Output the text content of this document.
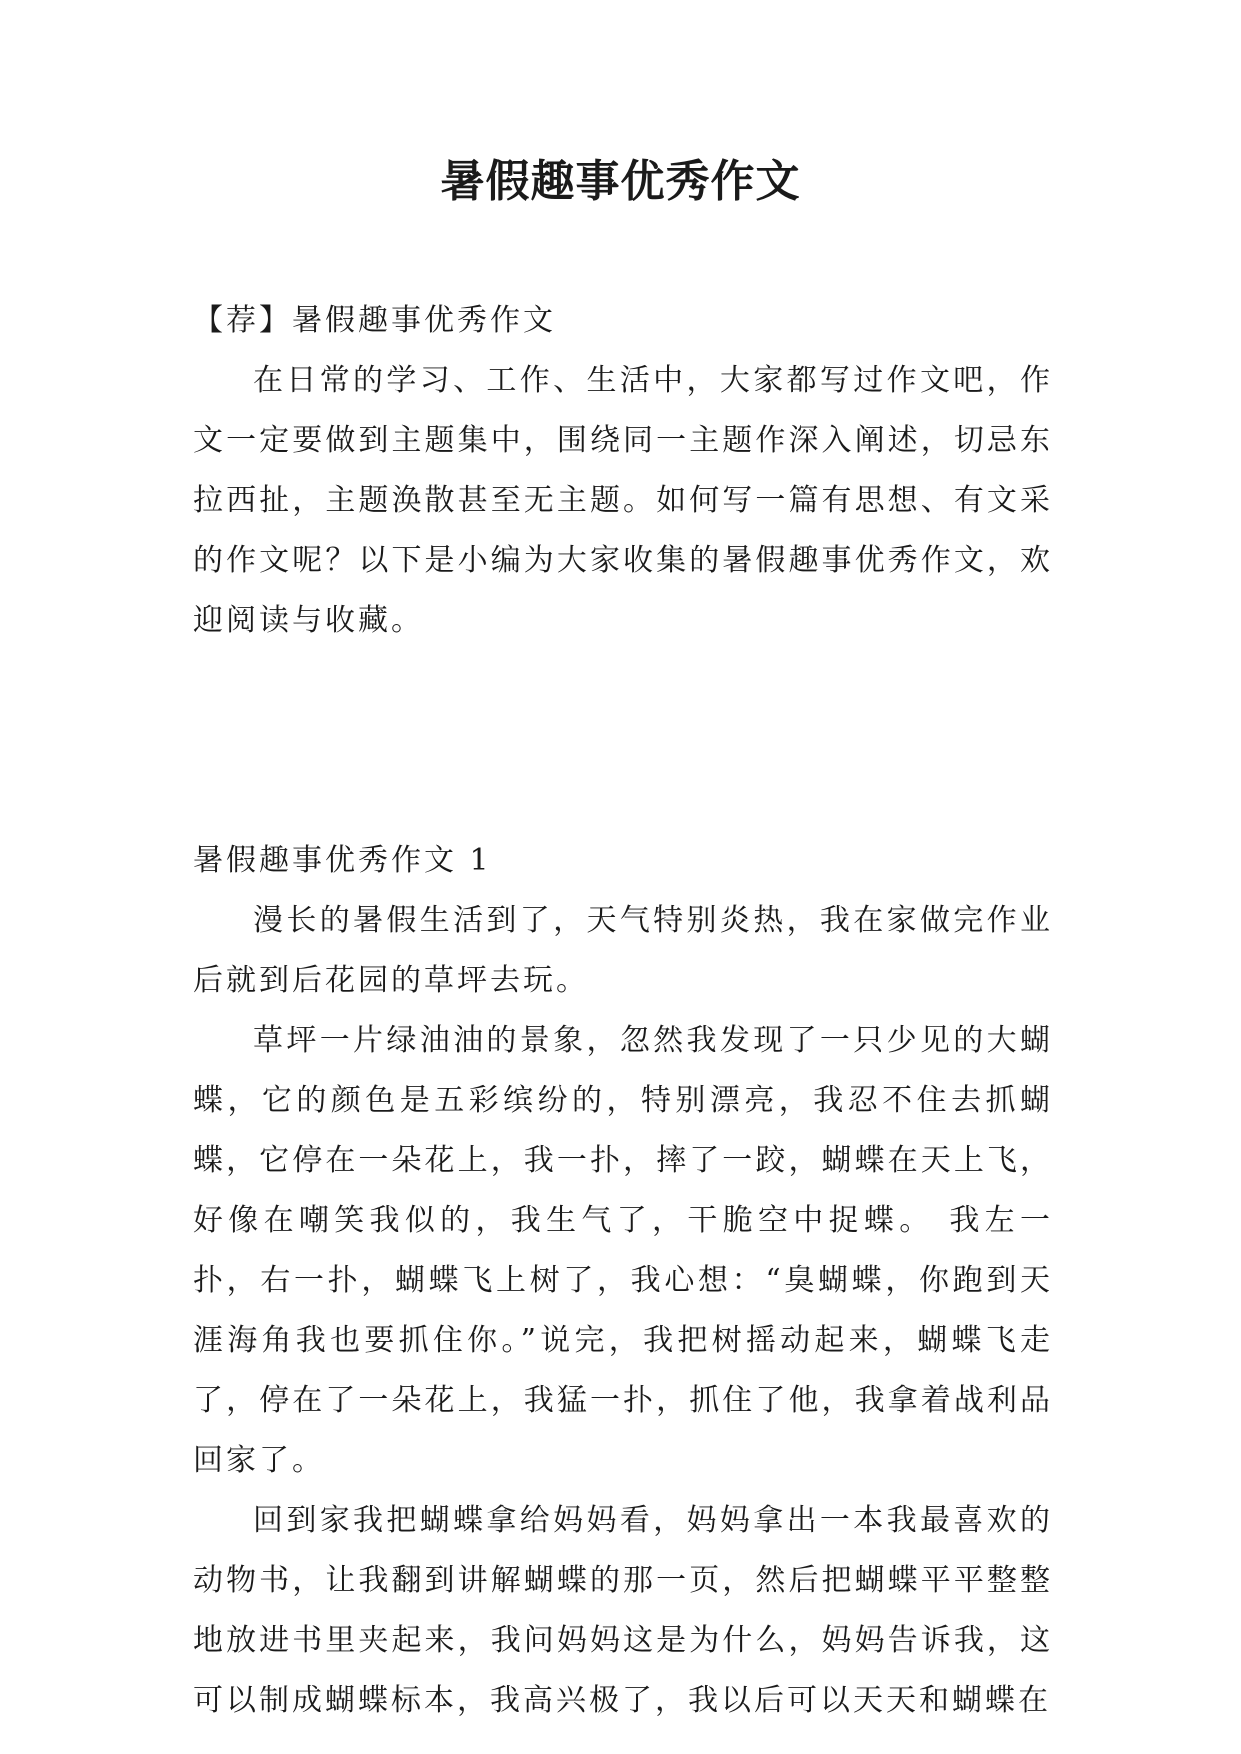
暑假趣事优秀作文

【荐】暑假趣事优秀作文

在日常的学习、工作、生活中，大家都写过作文吧，作文一定要做到主题集中，围绕同一主题作深入阐述，切忌东拉西扯，主题涣散甚至无主题。如何写一篇有思想、有文采的作文呢？以下是小编为大家收集的暑假趣事优秀作文，欢迎阅读与收藏。

暑假趣事优秀作文 1

漫长的暑假生活到了，天气特别炎热，我在家做完作业后就到后花园的草坪去玩。

草坪一片绿油油的景象，忽然我发现了一只少见的大蝴蝶，它的颜色是五彩缤纷的，特别漂亮，我忍不住去抓蝴蝶，它停在一朵花上，我一扑，摔了一跤，蝴蝶在天上飞，好像在嘲笑我似的，我生气了，干脆空中捉蝶。 我左一扑，右一扑，蝴蝶飞上树了，我心想：“臭蝴蝶，你跑到天涯海角我也要抓住你。”说完，我把树摇动起来，蝴蝶飞走了，停在了一朵花上，我猛一扑，抓住了他，我拿着战利品回家了。

回到家我把蝴蝶拿给妈妈看，妈妈拿出一本我最喜欢的动物书，让我翻到讲解蝴蝶的那一页，然后把蝴蝶平平整整地放进书里夹起来，我问妈妈这是为什么，妈妈告诉我，这可以制成蝴蝶标本，我高兴极了，我以后可以天天和蝴蝶在
